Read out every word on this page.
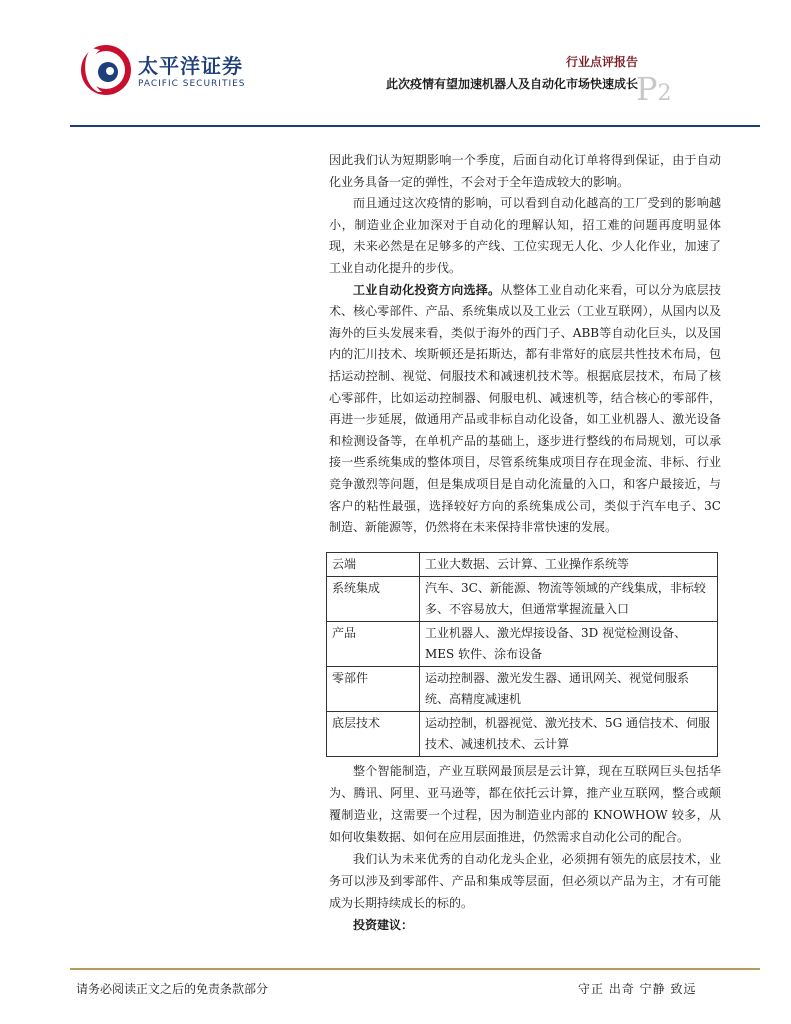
太平洋证券
PACIFIC SECURITIES
行业点评报告
此次疫情有望加速机器人及自动化市场快速成长
P2

因此我们认为短期影响一个季度，后面自动化订单将得到保证，由于自动化业务具备一定的弹性，不会对于全年造成较大的影响。

而且通过这次疫情的影响，可以看到自动化越高的工厂受到的影响越小，制造业企业加深对于自动化的理解认知，招工难的问题再度明显体现，未来必然是在足够多的产线、工位实现无人化、少人化作业，加速了工业自动化提升的步伐。

工业自动化投资方向选择。从整体工业自动化来看，可以分为底层技术、核心零部件、产品、系统集成以及工业云（工业互联网），从国内以及海外的巨头发展来看，类似于海外的西门子、ABB等自动化巨头，以及国内的汇川技术、埃斯顿还是拓斯达，都有非常好的底层共性技术布局，包括运动控制、视觉、伺服技术和减速机技术等。根据底层技术，布局了核心零部件，比如运动控制器、伺服电机、减速机等，结合核心的零部件，再进一步延展，做通用产品或非标自动化设备，如工业机器人、激光设备和检测设备等，在单机产品的基础上，逐步进行整线的布局规划，可以承接一些系统集成的整体项目，尽管系统集成项目存在现金流、非标、行业竞争激烈等问题，但是集成项目是自动化流量的入口，和客户最接近，与客户的粘性最强，选择较好方向的系统集成公司，类似于汽车电子、3C 制造、新能源等，仍然将在未来保持非常快速的发展。

云端	工业大数据、云计算、工业操作系统等
系统集成	汽车、3C、新能源、物流等领域的产线集成，非标较多、不容易放大，但通常掌握流量入口
产品	工业机器人、激光焊接设备、3D 视觉检测设备、MES 软件、涂布设备
零部件	运动控制器、激光发生器、通讯网关、视觉伺服系统、高精度减速机
底层技术	运动控制，机器视觉、激光技术、5G 通信技术、伺服技术、减速机技术、云计算

整个智能制造，产业互联网最顶层是云计算，现在互联网巨头包括华为、腾讯、阿里、亚马逊等，都在依托云计算，推产业互联网，整合或颠覆制造业，这需要一个过程，因为制造业内部的 KNOWHOW 较多，从如何收集数据、如何在应用层面推进，仍然需求自动化公司的配合。

我们认为未来优秀的自动化龙头企业，必须拥有领先的底层技术，业务可以涉及到零部件、产品和集成等层面，但必须以产品为主，才有可能成为长期持续成长的标的。

投资建议：

请务必阅读正文之后的免责条款部分	守正 出奇 宁静 致远
